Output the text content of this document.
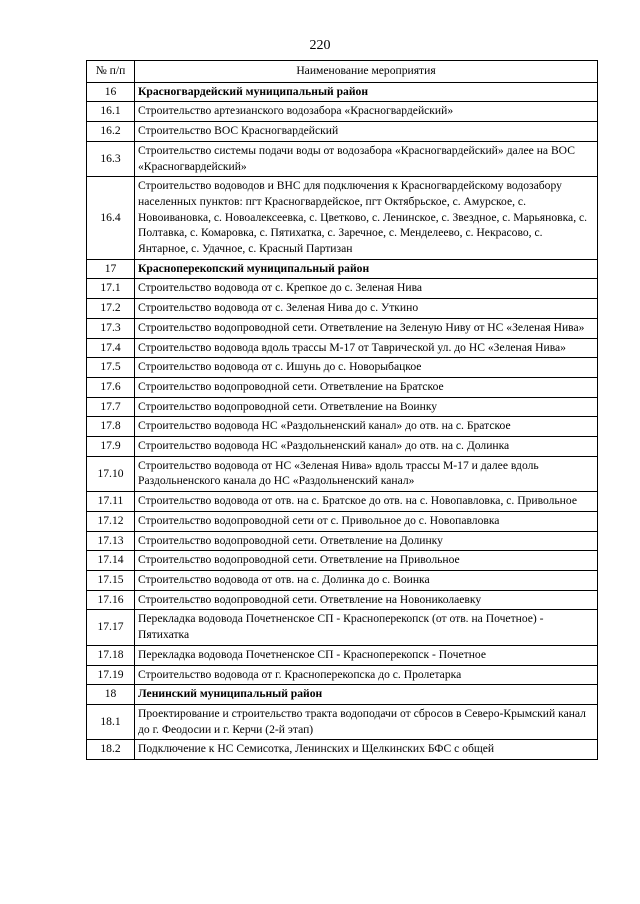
220
№ п/п	Наименование мероприятия
16	Красногвардейский муниципальный район
16.1	Строительство артезианского водозабора «Красногвардейский»
16.2	Строительство ВОС Красногвардейский
16.3	Строительство системы подачи воды от водозабора «Красногвардейский» далее на ВОС «Красногвардейский»
16.4	Строительство водоводов и ВНС для подключения к Красногвардейскому водозабору населенных пунктов: пгт Красногвардейское, пгт Октябрьское, с. Амурское, с. Новоивановка, с. Новоалексеевка, с. Цветково, с. Ленинское, с. Звездное, с. Марьяновка, с. Полтавка, с. Комаровка, с. Пятихатка, с. Заречное, с. Менделеево, с. Некрасово, с. Янтарное, с. Удачное, с. Красный Партизан
17	Красноперекопский муниципальный район
17.1	Строительство водовода от с. Крепкое до с. Зеленая Нива
17.2	Строительство водовода от с. Зеленая Нива до с. Уткино
17.3	Строительство водопроводной сети. Ответвление на Зеленую Ниву от НС «Зеленая Нива»
17.4	Строительство водовода вдоль трассы М-17 от Таврической ул. до НС «Зеленая Нива»
17.5	Строительство водовода от с. Ишунь до с. Новорыбацкое
17.6	Строительство водопроводной сети. Ответвление на Братское
17.7	Строительство водопроводной сети. Ответвление на Воинку
17.8	Строительство водовода НС «Раздольненский канал» до отв. на с. Братское
17.9	Строительство водовода НС «Раздольненский канал» до отв. на с. Долинка
17.10	Строительство водовода от НС «Зеленая Нива» вдоль трассы М-17 и далее вдоль Раздольненского канала до НС «Раздольненский канал»
17.11	Строительство водовода от отв. на с. Братское до отв. на с. Новопавловка, с. Привольное
17.12	Строительство водопроводной сети от с. Привольное до с. Новопавловка
17.13	Строительство водопроводной сети. Ответвление на Долинку
17.14	Строительство водопроводной сети. Ответвление на Привольное
17.15	Строительство водовода от отв. на с. Долинка до с. Воинка
17.16	Строительство водопроводной сети. Ответвление на Новониколаевку
17.17	Перекладка водовода Почетненское СП - Красноперекопск (от отв. на Почетное) - Пятихатка
17.18	Перекладка водовода Почетненское СП - Красноперекопск - Почетное
17.19	Строительство водовода от г. Красноперекопска до с. Пролетарка
18	Ленинский муниципальный район
18.1	Проектирование и строительство тракта водоподачи от сбросов в Северо-Крымский канал до г. Феодосии и г. Керчи (2-й этап)
18.2	Подключение к НС Семисотка, Ленинских и Щелкинских БФС с общей
